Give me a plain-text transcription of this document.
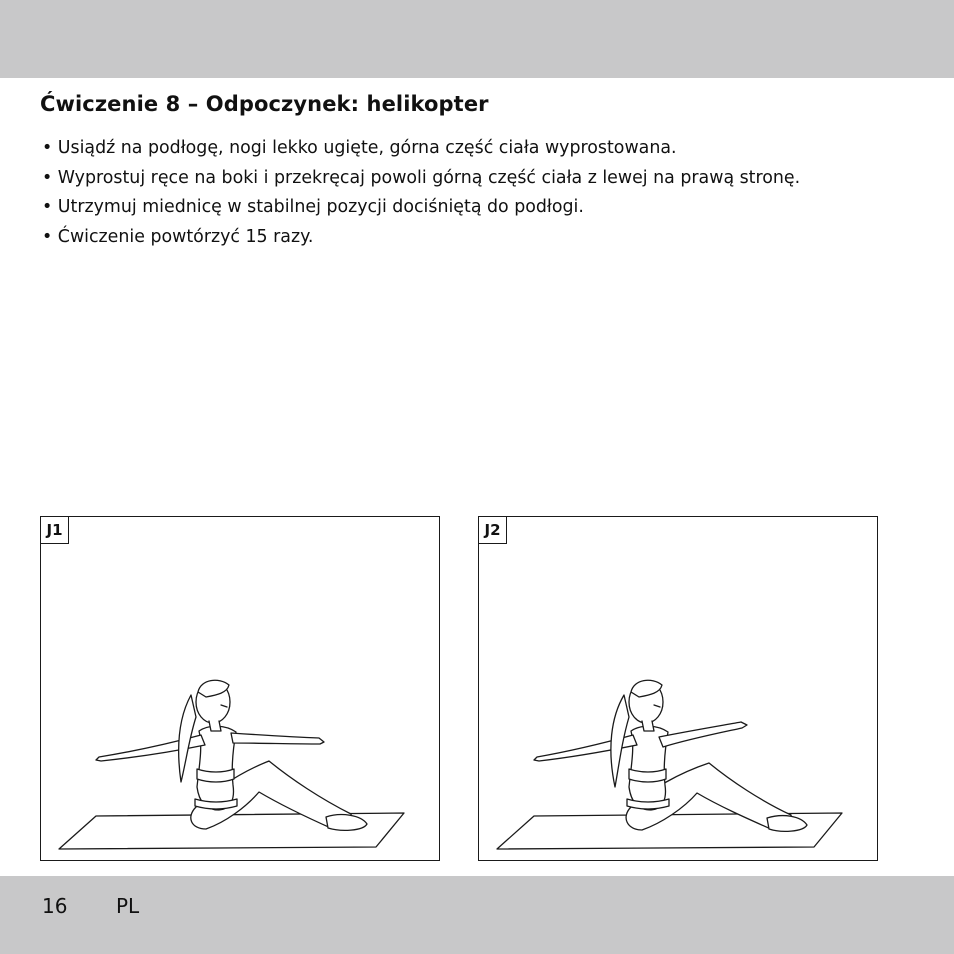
Ćwiczenie 8 – Odpoczynek: helikopter
• Usiądź na podłogę, nogi lekko ugięte, górna część ciała wyprostowana.
• Wyprostuj ręce na boki i przekręcaj powoli górną część ciała z lewej na prawą stronę.
• Utrzymuj miednicę w stabilnej pozycji dociśniętą do podłogi.
• Ćwiczenie powtórzyć 15 razy.
J1	J2
16 PL
